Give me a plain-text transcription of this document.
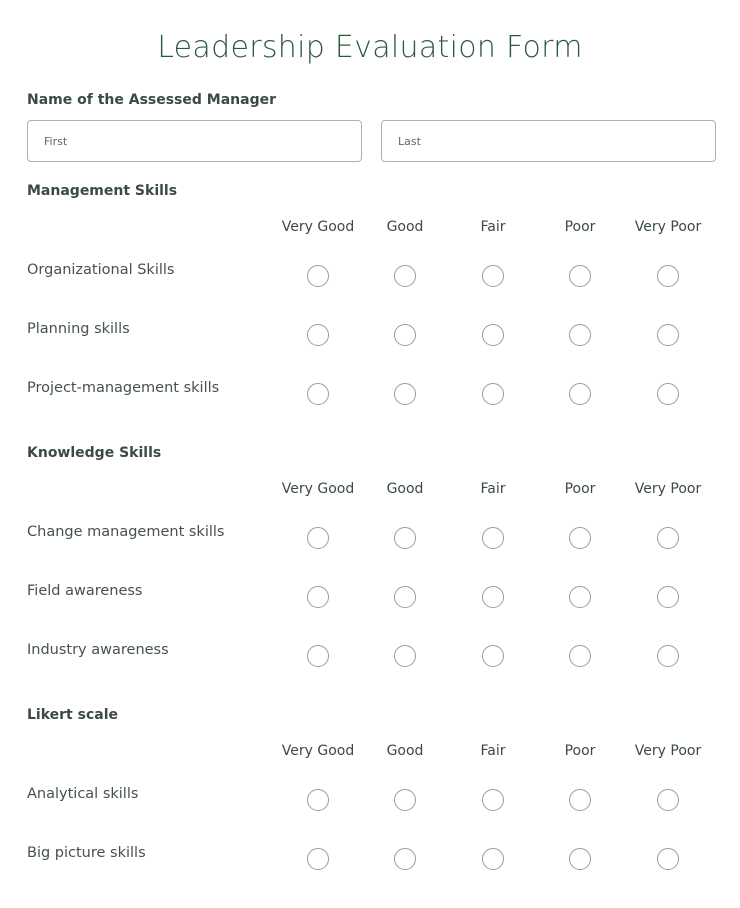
Leadership Evaluation Form
Name of the Assessed Manager
First
Last
Management Skills
Very Good	Good	Fair	Poor	Very Poor
Organizational Skills
Planning skills
Project-management skills
Knowledge Skills
Very Good	Good	Fair	Poor	Very Poor
Change management skills
Field awareness
Industry awareness
Likert scale
Very Good	Good	Fair	Poor	Very Poor
Analytical skills
Big picture skills
